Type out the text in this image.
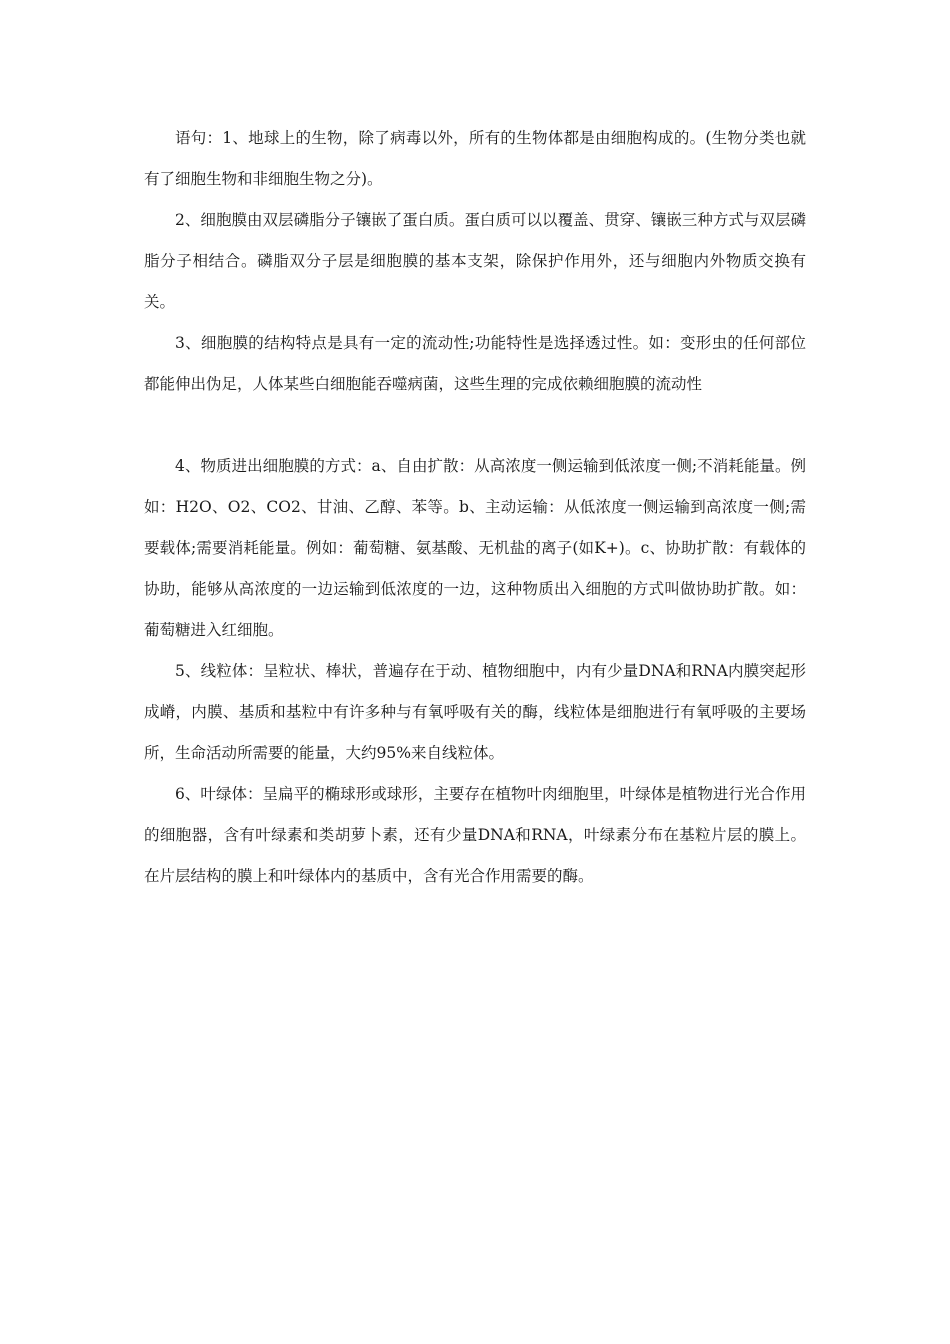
语句：1、地球上的生物，除了病毒以外，所有的生物体都是由细胞构成的。(生物分类也就有了细胞生物和非细胞生物之分)。

2、细胞膜由双层磷脂分子镶嵌了蛋白质。蛋白质可以以覆盖、贯穿、镶嵌三种方式与双层磷脂分子相结合。磷脂双分子层是细胞膜的基本支架，除保护作用外，还与细胞内外物质交换有关。

3、细胞膜的结构特点是具有一定的流动性;功能特性是选择透过性。如：变形虫的任何部位都能伸出伪足，人体某些白细胞能吞噬病菌，这些生理的完成依赖细胞膜的流动性

4、物质进出细胞膜的方式：a、自由扩散：从高浓度一侧运输到低浓度一侧;不消耗能量。例如：H2O、O2、CO2、甘油、乙醇、苯等。b、主动运输：从低浓度一侧运输到高浓度一侧;需要载体;需要消耗能量。例如：葡萄糖、氨基酸、无机盐的离子(如K+)。c、协助扩散：有载体的协助，能够从高浓度的一边运输到低浓度的一边，这种物质出入细胞的方式叫做协助扩散。如：葡萄糖进入红细胞。

5、线粒体：呈粒状、棒状，普遍存在于动、植物细胞中，内有少量DNA和RNA内膜突起形成嵴，内膜、基质和基粒中有许多种与有氧呼吸有关的酶，线粒体是细胞进行有氧呼吸的主要场所，生命活动所需要的能量，大约95%来自线粒体。

6、叶绿体：呈扁平的椭球形或球形，主要存在植物叶肉细胞里，叶绿体是植物进行光合作用的细胞器，含有叶绿素和类胡萝卜素，还有少量DNA和RNA，叶绿素分布在基粒片层的膜上。在片层结构的膜上和叶绿体内的基质中，含有光合作用需要的酶。
